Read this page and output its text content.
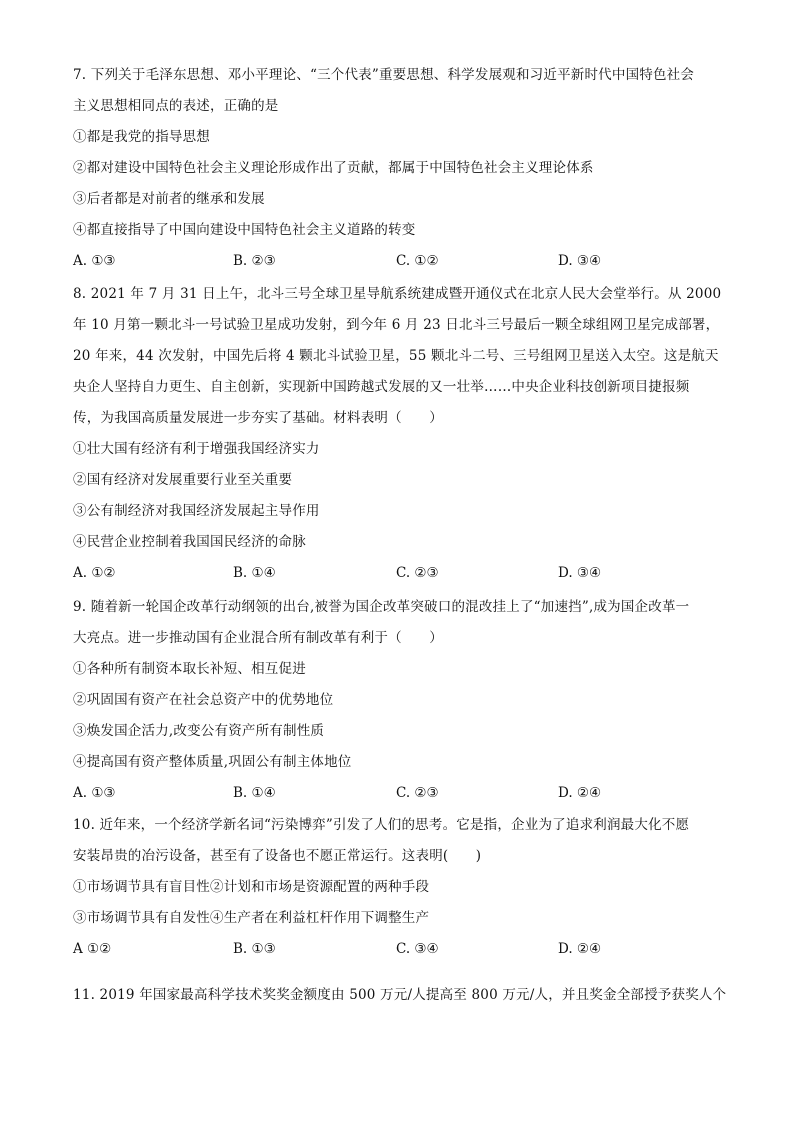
7. 下列关于毛泽东思想、邓小平理论、“三个代表”重要思想、科学发展观和习近平新时代中国特色社会
主义思想相同点的表述，正确的是
①都是我党的指导思想
②都对建设中国特色社会主义理论形成作出了贡献，都属于中国特色社会主义理论体系
③后者都是对前者的继承和发展
④都直接指导了中国向建设中国特色社会主义道路的转变
A. ①③	B. ②③	C. ①②	D. ③④
8. 2021 年 7 月 31 日上午，北斗三号全球卫星导航系统建成暨开通仪式在北京人民大会堂举行。从 2000
年 10 月第一颗北斗一号试验卫星成功发射，到今年 6 月 23 日北斗三号最后一颗全球组网卫星完成部署，
20 年来，44 次发射，中国先后将 4 颗北斗试验卫星，55 颗北斗二号、三号组网卫星送入太空。这是航天
央企人坚持自力更生、自主创新，实现新中国跨越式发展的又一壮举……中央企业科技创新项目捷报频
传，为我国高质量发展进一步夯实了基础。材料表明（　　）
①壮大国有经济有利于增强我国经济实力
②国有经济对发展重要行业至关重要
③公有制经济对我国经济发展起主导作用
④民营企业控制着我国国民经济的命脉
A. ①②	B. ①④	C. ②③	D. ③④
9. 随着新一轮国企改革行动纲领的出台,被誉为国企改革突破口的混改挂上了“加速挡”,成为国企改革一
大亮点。进一步推动国有企业混合所有制改革有利于（　　）
①各种所有制资本取长补短、相互促进
②巩固国有资产在社会总资产中的优势地位
③焕发国企活力,改变公有资产所有制性质
④提高国有资产整体质量,巩固公有制主体地位
A. ①③	B. ①④	C. ②③	D. ②④
10. 近年来，一个经济学新名词“污染博弈”引发了人们的思考。它是指，企业为了追求利润最大化不愿
安装昂贵的冶污设备，甚至有了设备也不愿正常运行。这表明(　　)
①市场调节具有盲目性②计划和市场是资源配置的两种手段
③市场调节具有自发性④生产者在利益杠杆作用下调整生产
A ①②	B. ①③	C. ③④	D. ②④
11. 2019 年国家最高科学技术奖奖金额度由 500 万元/人提高至 800 万元/人，并且奖金全部授予获奖人个
